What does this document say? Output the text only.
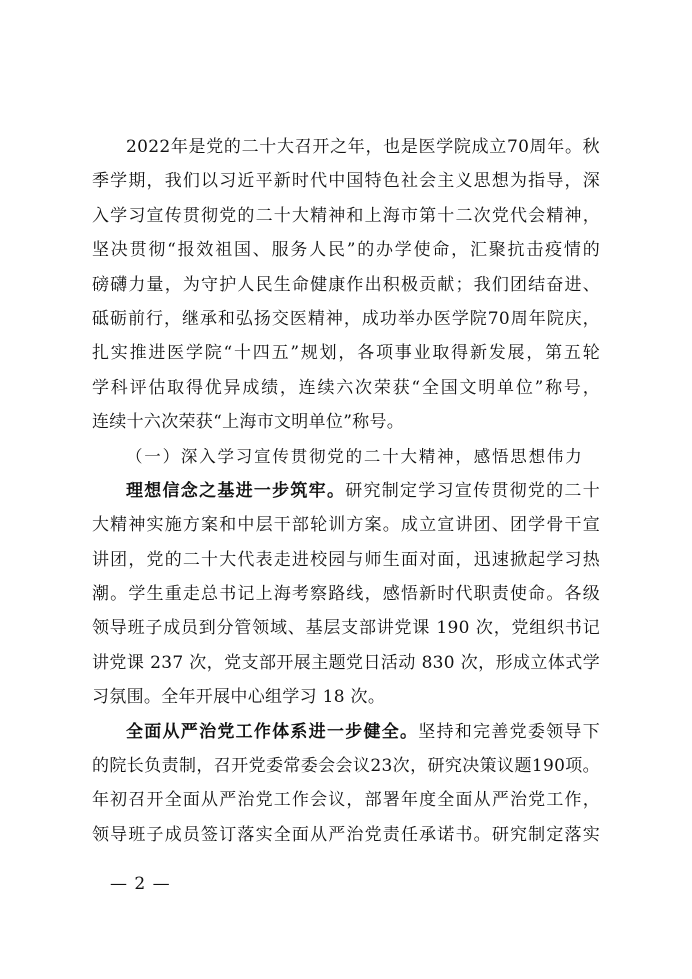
2022年是党的二十大召开之年，也是医学院成立70周年。秋
季学期，我们以习近平新时代中国特色社会主义思想为指导，深
入学习宣传贯彻党的二十大精神和上海市第十二次党代会精神，
坚决贯彻“报效祖国、服务人民”的办学使命，汇聚抗击疫情的
磅礴力量，为守护人民生命健康作出积极贡献；我们团结奋进、
砥砺前行，继承和弘扬交医精神，成功举办医学院70周年院庆，
扎实推进医学院“十四五”规划，各项事业取得新发展，第五轮
学科评估取得优异成绩，连续六次荣获“全国文明单位”称号，
连续十六次荣获“上海市文明单位”称号。
（一）深入学习宣传贯彻党的二十大精神，感悟思想伟力
理想信念之基进一步筑牢。研究制定学习宣传贯彻党的二十
大精神实施方案和中层干部轮训方案。成立宣讲团、团学骨干宣
讲团，党的二十大代表走进校园与师生面对面，迅速掀起学习热
潮。学生重走总书记上海考察路线，感悟新时代职责使命。各级
领导班子成员到分管领域、基层支部讲党课 190 次，党组织书记
讲党课 237 次，党支部开展主题党日活动 830 次，形成立体式学
习氛围。全年开展中心组学习 18 次。
全面从严治党工作体系进一步健全。坚持和完善党委领导下
的院长负责制，召开党委常委会会议23次，研究决策议题190项。
年初召开全面从严治党工作会议，部署年度全面从严治党工作，
领导班子成员签订落实全面从严治党责任承诺书。研究制定落实
— 2 —
